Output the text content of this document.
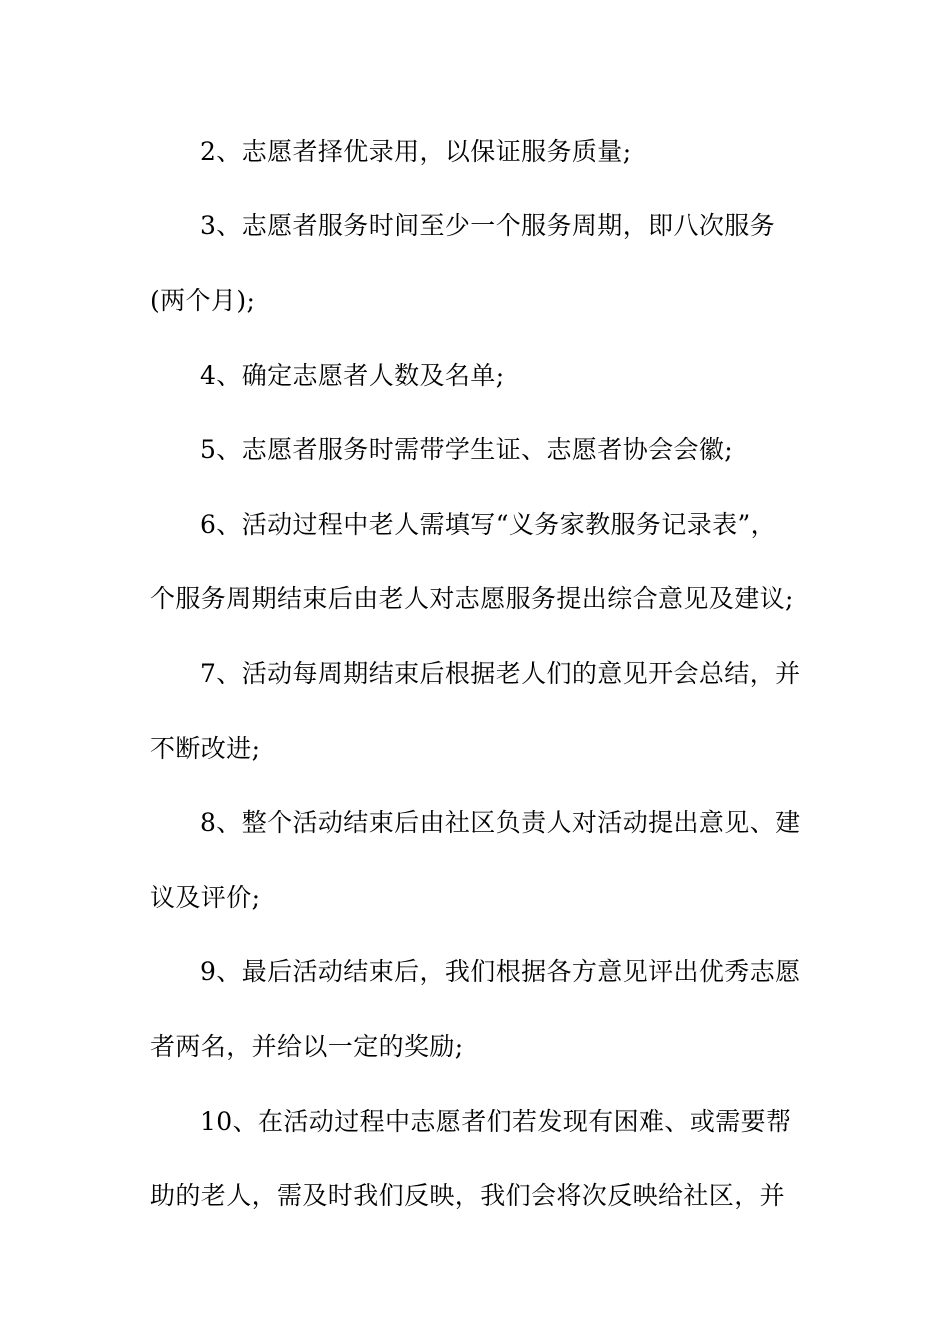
2、志愿者择优录用，以保证服务质量;
3、志愿者服务时间至少一个服务周期，即八次服务
(两个月);
4、确定志愿者人数及名单;
5、志愿者服务时需带学生证、志愿者协会会徽;
6、活动过程中老人需填写“义务家教服务记录表”，
个服务周期结束后由老人对志愿服务提出综合意见及建议;
7、活动每周期结束后根据老人们的意见开会总结，并
不断改进;
8、整个活动结束后由社区负责人对活动提出意见、建
议及评价;
9、最后活动结束后，我们根据各方意见评出优秀志愿
者两名，并给以一定的奖励;
10、在活动过程中志愿者们若发现有困难、或需要帮
助的老人，需及时我们反映，我们会将次反映给社区，并
